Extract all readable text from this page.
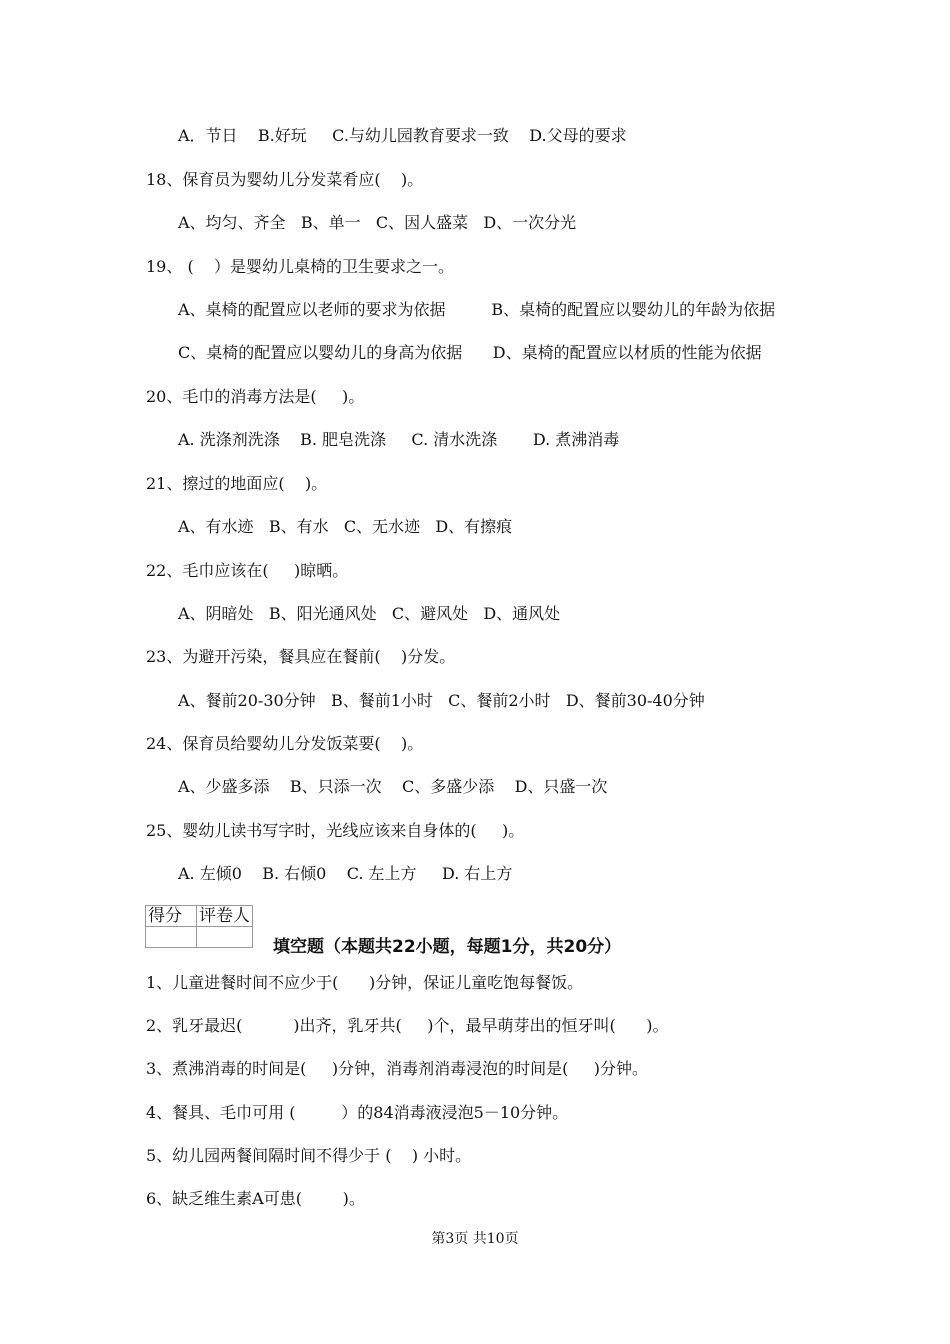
A．节日    B.好玩     C.与幼儿园教育要求一致    D.父母的要求
18、保育员为婴幼儿分发菜肴应(    )。
A、均匀、齐全   B、单一   C、因人盛菜   D、一次分光
19、 (    ）是婴幼儿桌椅的卫生要求之一。
A、桌椅的配置应以老师的要求为依据         B、桌椅的配置应以婴幼儿的年龄为依据
C、桌椅的配置应以婴幼儿的身高为依据      D、桌椅的配置应以材质的性能为依据
20、毛巾的消毒方法是(     )。
A. 洗涤剂洗涤    B. 肥皂洗涤     C. 清水洗涤       D. 煮沸消毒
21、擦过的地面应(    )。
A、有水迹   B、有水   C、无水迹   D、有擦痕
22、毛巾应该在(     )晾晒。
A、阴暗处   B、阳光通风处   C、避风处   D、通风处
23、为避开污染，餐具应在餐前(    )分发。
A、餐前20-30分钟   B、餐前1小时   C、餐前2小时   D、餐前30-40分钟
24、保育员给婴幼儿分发饭菜要(    )。
A、少盛多添    B、只添一次    C、多盛少添    D、只盛一次
25、婴幼儿读书写字时，光线应该来自身体的(     )。
A. 左倾0    B. 右倾0    C. 左上方     D. 右上方
得分	评卷人

填空题（本题共22小题，每题1分，共20分）
1、儿童进餐时间不应少于(      )分钟，保证儿童吃饱每餐饭。
2、乳牙最迟(          )出齐，乳牙共(     )个，最早萌芽出的恒牙叫(      )。
3、煮沸消毒的时间是(     )分钟，消毒剂消毒浸泡的时间是(     )分钟。
4、餐具、毛巾可用 (         ）的84消毒液浸泡5－10分钟。
5、幼儿园两餐间隔时间不得少于 (    ) 小时。
6、缺乏维生素A可患(        )。
第3页 共10页
